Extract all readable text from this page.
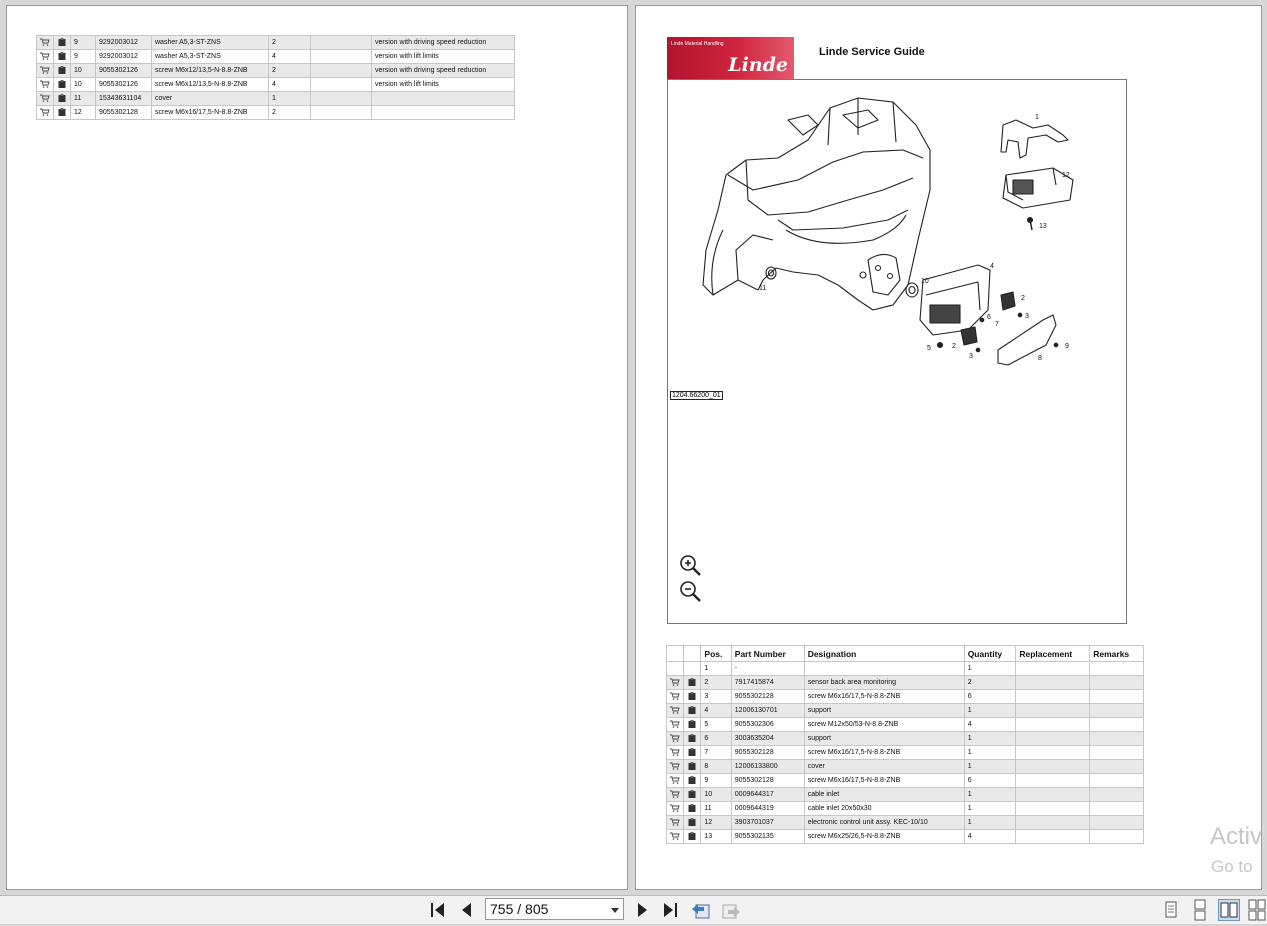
		9	9292003012	washer A5,3-ST-ZNS	2		version with driving speed reduction
		9	9292003012	washer A5,3-ST-ZNS	4		version with lift limits
		10	9055302126	screw M6x12/13,5-N-8.8-ZNB	2		version with driving speed reduction
		10	9055302126	screw M6x12/13,5-N-8.8-ZNB	4		version with lift limits
		11	15343631104	cover	1		
		12	9055302128	screw M6x16/17,5-N-8.8-ZNB	2		
Linde Material Handling
Linde
Linde Service Guide
1
2
2
3
3
4
5
6
7
8
9
10
11
12
13
1204.66200_01
		Pos.	Part Number	Designation	Quantity	Replacement	Remarks
		1	-		1		
		2	7917415874	sensor back area monitoring	2		
		3	9055302128	screw M6x16/17,5-N-8.8-ZNB	6		
		4	12006130701	support	1		
		5	9055302306	screw M12x50/53-N-8.8-ZNB	4		
		6	3003635204	support	1		
		7	9055302128	screw M6x16/17,5-N-8.8-ZNB	1		
		8	12006133800	cover	1		
		9	9055302128	screw M6x16/17,5-N-8.8-ZNB	6		
		10	0009644317	cable inlet	1		
		11	0009644319	cable inlet 20x50x30	1		
		12	3903701037	electronic control unit assy. KEC-10/10	1		
		13	9055302135	screw M6x25/26,5-N-8.8-ZNB	4			Activ
Go to
755 / 805
